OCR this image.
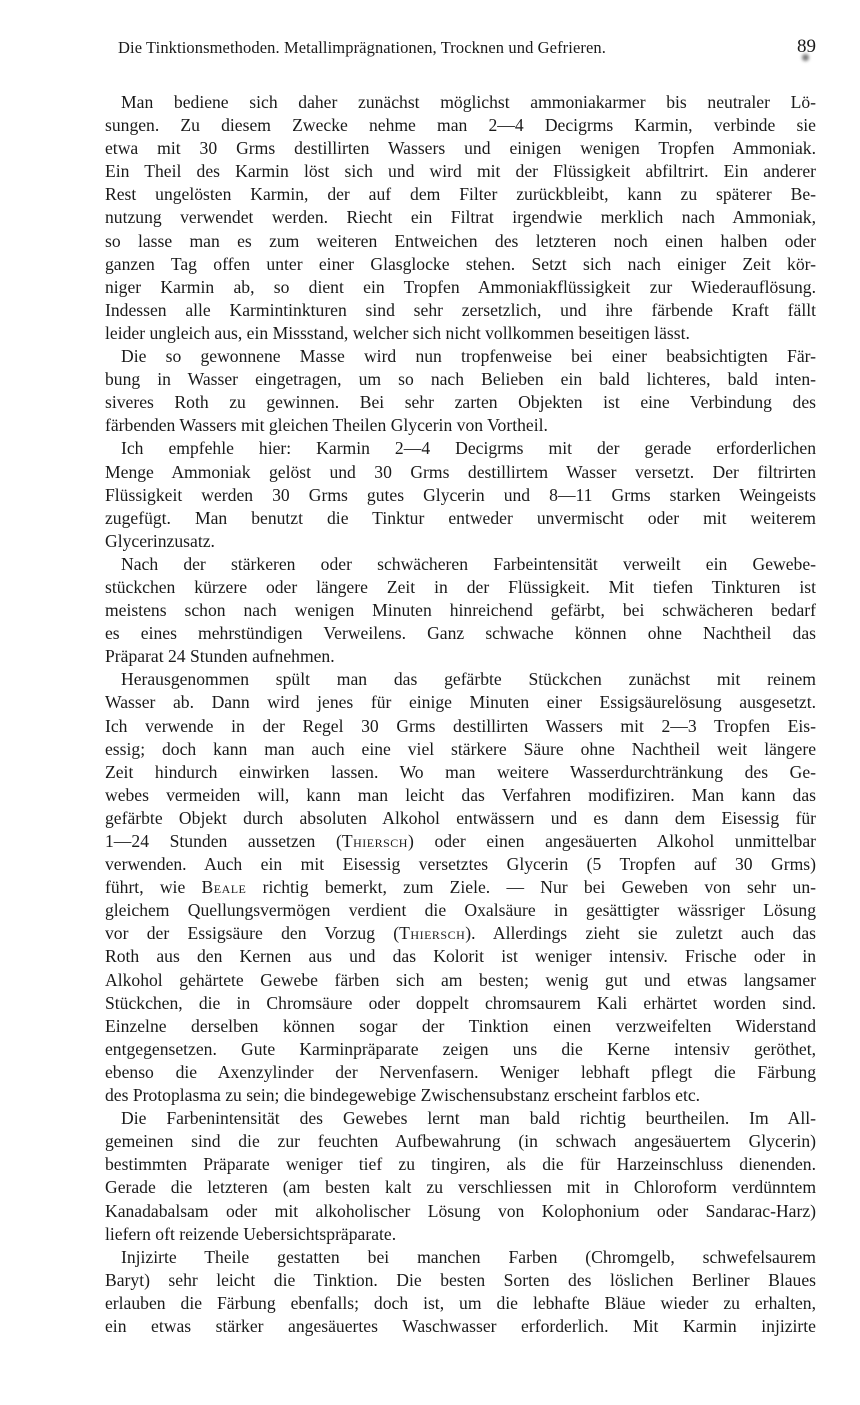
Die Tinktionsmethoden. Metallimprägnationen, Trocknen und Gefrieren.	89
Man bediene sich daher zunächst möglichst ammoniakarmer bis neutraler Lö-
sungen. Zu diesem Zwecke nehme man 2—4 Decigrms Karmin, verbinde sie
etwa mit 30 Grms destillirten Wassers und einigen wenigen Tropfen Ammoniak.
Ein Theil des Karmin löst sich und wird mit der Flüssigkeit abfiltrirt. Ein anderer
Rest ungelösten Karmin, der auf dem Filter zurückbleibt, kann zu späterer Be-
nutzung verwendet werden. Riecht ein Filtrat irgendwie merklich nach Ammoniak,
so lasse man es zum weiteren Entweichen des letzteren noch einen halben oder
ganzen Tag offen unter einer Glasglocke stehen. Setzt sich nach einiger Zeit kör-
niger Karmin ab, so dient ein Tropfen Ammoniakflüssigkeit zur Wiederauflösung.
Indessen alle Karmintinkturen sind sehr zersetzlich, und ihre färbende Kraft fällt
leider ungleich aus, ein Missstand, welcher sich nicht vollkommen beseitigen lässt.
Die so gewonnene Masse wird nun tropfenweise bei einer beabsichtigten Fär-
bung in Wasser eingetragen, um so nach Belieben ein bald lichteres, bald inten-
siveres Roth zu gewinnen. Bei sehr zarten Objekten ist eine Verbindung des
färbenden Wassers mit gleichen Theilen Glycerin von Vortheil.
Ich empfehle hier: Karmin 2—4 Decigrms mit der gerade erforderlichen
Menge Ammoniak gelöst und 30 Grms destillirtem Wasser versetzt. Der filtrirten
Flüssigkeit werden 30 Grms gutes Glycerin und 8—11 Grms starken Weingeists
zugefügt. Man benutzt die Tinktur entweder unvermischt oder mit weiterem
Glycerinzusatz.
Nach der stärkeren oder schwächeren Farbeintensität verweilt ein Gewebe-
stückchen kürzere oder längere Zeit in der Flüssigkeit. Mit tiefen Tinkturen ist
meistens schon nach wenigen Minuten hinreichend gefärbt, bei schwächeren bedarf
es eines mehrstündigen Verweilens. Ganz schwache können ohne Nachtheil das
Präparat 24 Stunden aufnehmen.
Herausgenommen spült man das gefärbte Stückchen zunächst mit reinem
Wasser ab. Dann wird jenes für einige Minuten einer Essigsäurelösung ausgesetzt.
Ich verwende in der Regel 30 Grms destillirten Wassers mit 2—3 Tropfen Eis-
essig; doch kann man auch eine viel stärkere Säure ohne Nachtheil weit längere
Zeit hindurch einwirken lassen. Wo man weitere Wasserdurchtränkung des Ge-
webes vermeiden will, kann man leicht das Verfahren modifiziren. Man kann das
gefärbte Objekt durch absoluten Alkohol entwässern und es dann dem Eisessig für
1—24 Stunden aussetzen (Thiersch) oder einen angesäuerten Alkohol unmittelbar
verwenden. Auch ein mit Eisessig versetztes Glycerin (5 Tropfen auf 30 Grms)
führt, wie Beale richtig bemerkt, zum Ziele. — Nur bei Geweben von sehr un-
gleichem Quellungsvermögen verdient die Oxalsäure in gesättigter wässriger Lösung
vor der Essigsäure den Vorzug (Thiersch). Allerdings zieht sie zuletzt auch das
Roth aus den Kernen aus und das Kolorit ist weniger intensiv. Frische oder in
Alkohol gehärtete Gewebe färben sich am besten; wenig gut und etwas langsamer
Stückchen, die in Chromsäure oder doppelt chromsaurem Kali erhärtet worden sind.
Einzelne derselben können sogar der Tinktion einen verzweifelten Widerstand
entgegensetzen. Gute Karminpräparate zeigen uns die Kerne intensiv geröthet,
ebenso die Axenzylinder der Nervenfasern. Weniger lebhaft pflegt die Färbung
des Protoplasma zu sein; die bindegewebige Zwischensubstanz erscheint farblos etc.
Die Farbenintensität des Gewebes lernt man bald richtig beurtheilen. Im All-
gemeinen sind die zur feuchten Aufbewahrung (in schwach angesäuertem Glycerin)
bestimmten Präparate weniger tief zu tingiren, als die für Harzeinschluss dienenden.
Gerade die letzteren (am besten kalt zu verschliessen mit in Chloroform verdünntem
Kanadabalsam oder mit alkoholischer Lösung von Kolophonium oder Sandarac-Harz)
liefern oft reizende Uebersichtspräparate.
Injizirte Theile gestatten bei manchen Farben (Chromgelb, schwefelsaurem
Baryt) sehr leicht die Tinktion. Die besten Sorten des löslichen Berliner Blaues
erlauben die Färbung ebenfalls; doch ist, um die lebhafte Bläue wieder zu erhalten,
ein etwas stärker angesäuertes Waschwasser erforderlich. Mit Karmin injizirte
